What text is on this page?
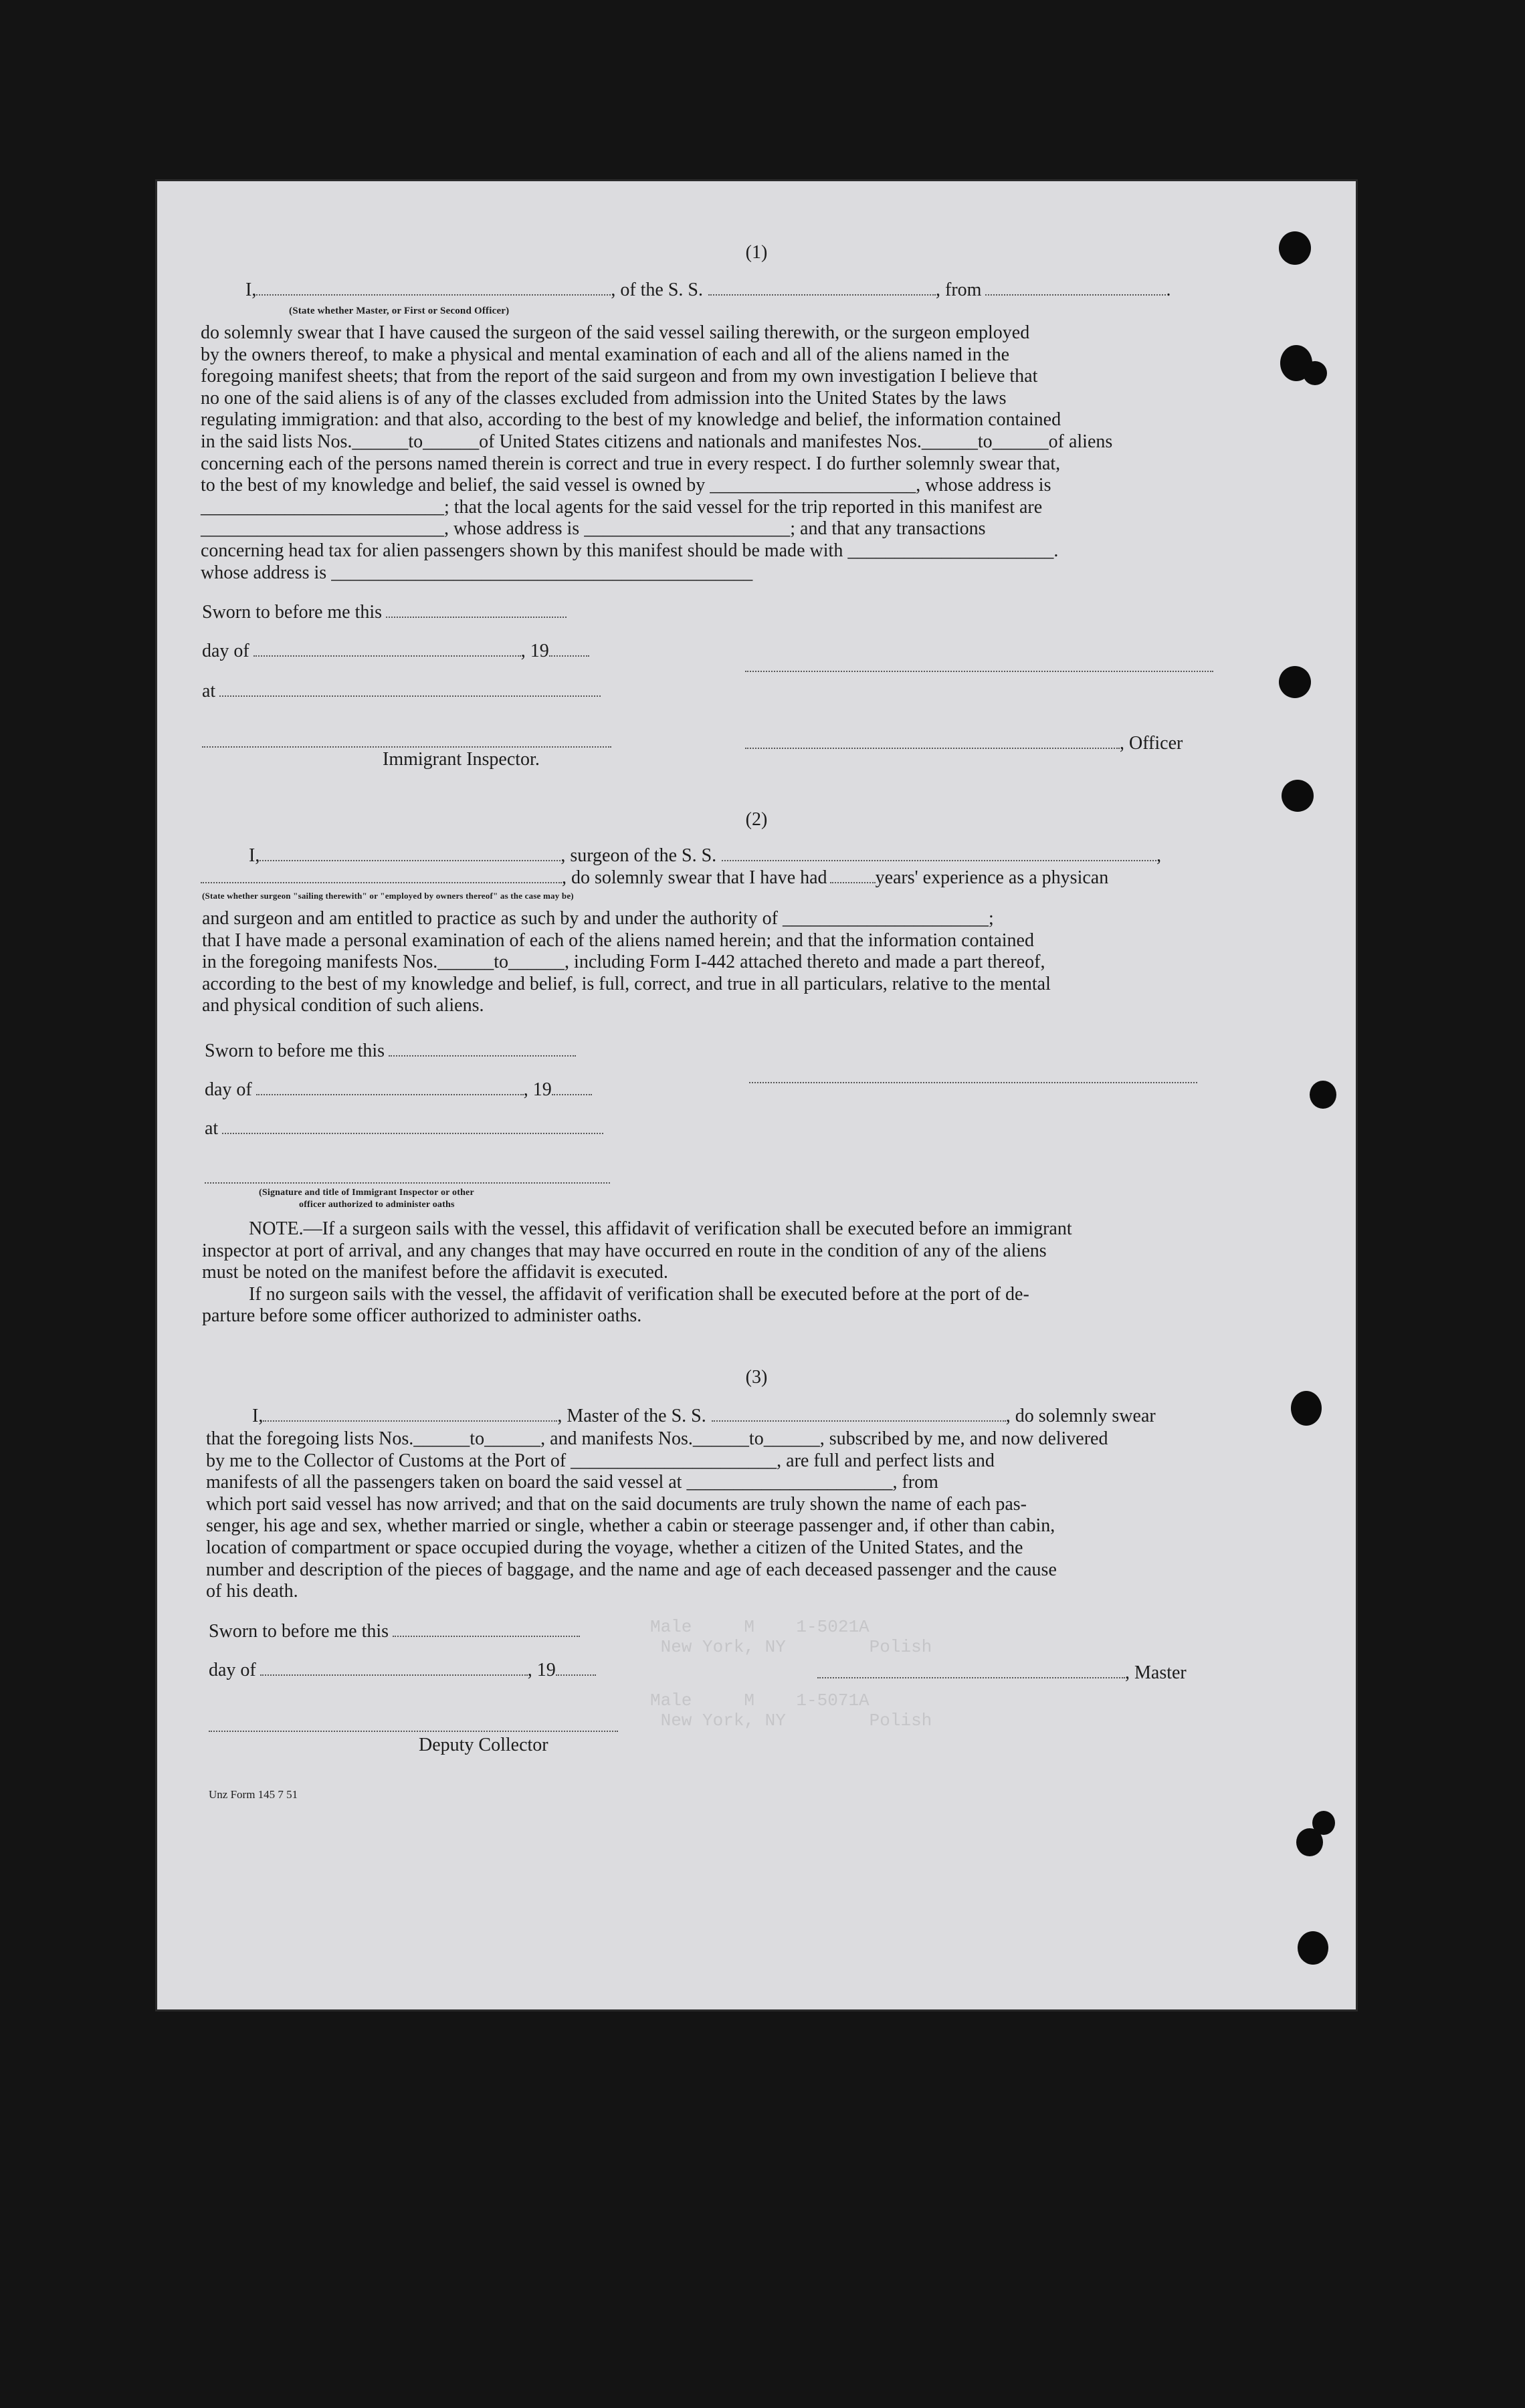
Male     M    1-5021A
New York, NY        Polish
Male     M    1-5071A
New York, NY        Polish
(1)
I,	, of the S. S.	, from	.
(State whether Master, or First or Second Officer)
do solemnly swear that I have caused the surgeon of the said vessel sailing therewith, or the surgeon employed
by the owners thereof, to make a physical and mental examination of each and all of the aliens named in the
foregoing manifest sheets; that from the report of the said surgeon and from my own investigation I believe that
no one of the said aliens is of any of the classes excluded from admission into the United States by the laws
regulating immigration: and that also, according to the best of my knowledge and belief, the information contained
in the said lists Nos.______to______of United States citizens and nationals and manifestes Nos.______to______of aliens
concerning each of the persons named therein is correct and true in every respect. I do further solemnly swear that,
to the best of my knowledge and belief, the said vessel is owned by ______________________, whose address is
__________________________; that the local agents for the said vessel for the trip reported in this manifest are
__________________________, whose address is ______________________; and that any transactions
concerning head tax for alien passengers shown by this manifest should be made with ______________________.
whose address is _____________________________________________
Sworn to before me this
day of	, 19
at
Immigrant Inspector.
, Officer
(2)
I,	, surgeon of the S. S.	,
, do solemnly swear that I have had	years' experience as a physican
(State whether surgeon "sailing therewith" or "employed by owners thereof" as the case may be)
and surgeon and am entitled to practice as such by and under the authority of ______________________;
that I have made a personal examination of each of the aliens named herein; and that the information contained
in the foregoing manifests Nos.______to______, including Form I-442 attached thereto and made a part thereof,
according to the best of my knowledge and belief, is full, correct, and true in all particulars, relative to the mental
and physical condition of such aliens.
Sworn to before me this
day of	, 19
at
(Signature and title of Immigrant Inspector or other
officer authorized to administer oaths
NOTE.—If a surgeon sails with the vessel, this affidavit of verification shall be executed before an immigrant
inspector at port of arrival, and any changes that may have occurred en route in the condition of any of the aliens
must be noted on the manifest before the affidavit is executed.
If no surgeon sails with the vessel, the affidavit of verification shall be executed before at the port of de-
parture before some officer authorized to administer oaths.
(3)
I,	, Master of the S. S.	, do solemnly swear
that the foregoing lists Nos.______to______, and manifests Nos.______to______, subscribed by me, and now delivered
by me to the Collector of Customs at the Port of ______________________, are full and perfect lists and
manifests of all the passengers taken on board the said vessel at ______________________, from
which port said vessel has now arrived; and that on the said documents are truly shown the name of each pas-
senger, his age and sex, whether married or single, whether a cabin or steerage passenger and, if other than cabin,
location of compartment or space occupied during the voyage, whether a citizen of the United States, and the
number and description of the pieces of baggage, and the name and age of each deceased passenger and the cause
of his death.
Sworn to before me this
day of	, 19	, Master
Deputy Collector
Unz Form 145 7 51
